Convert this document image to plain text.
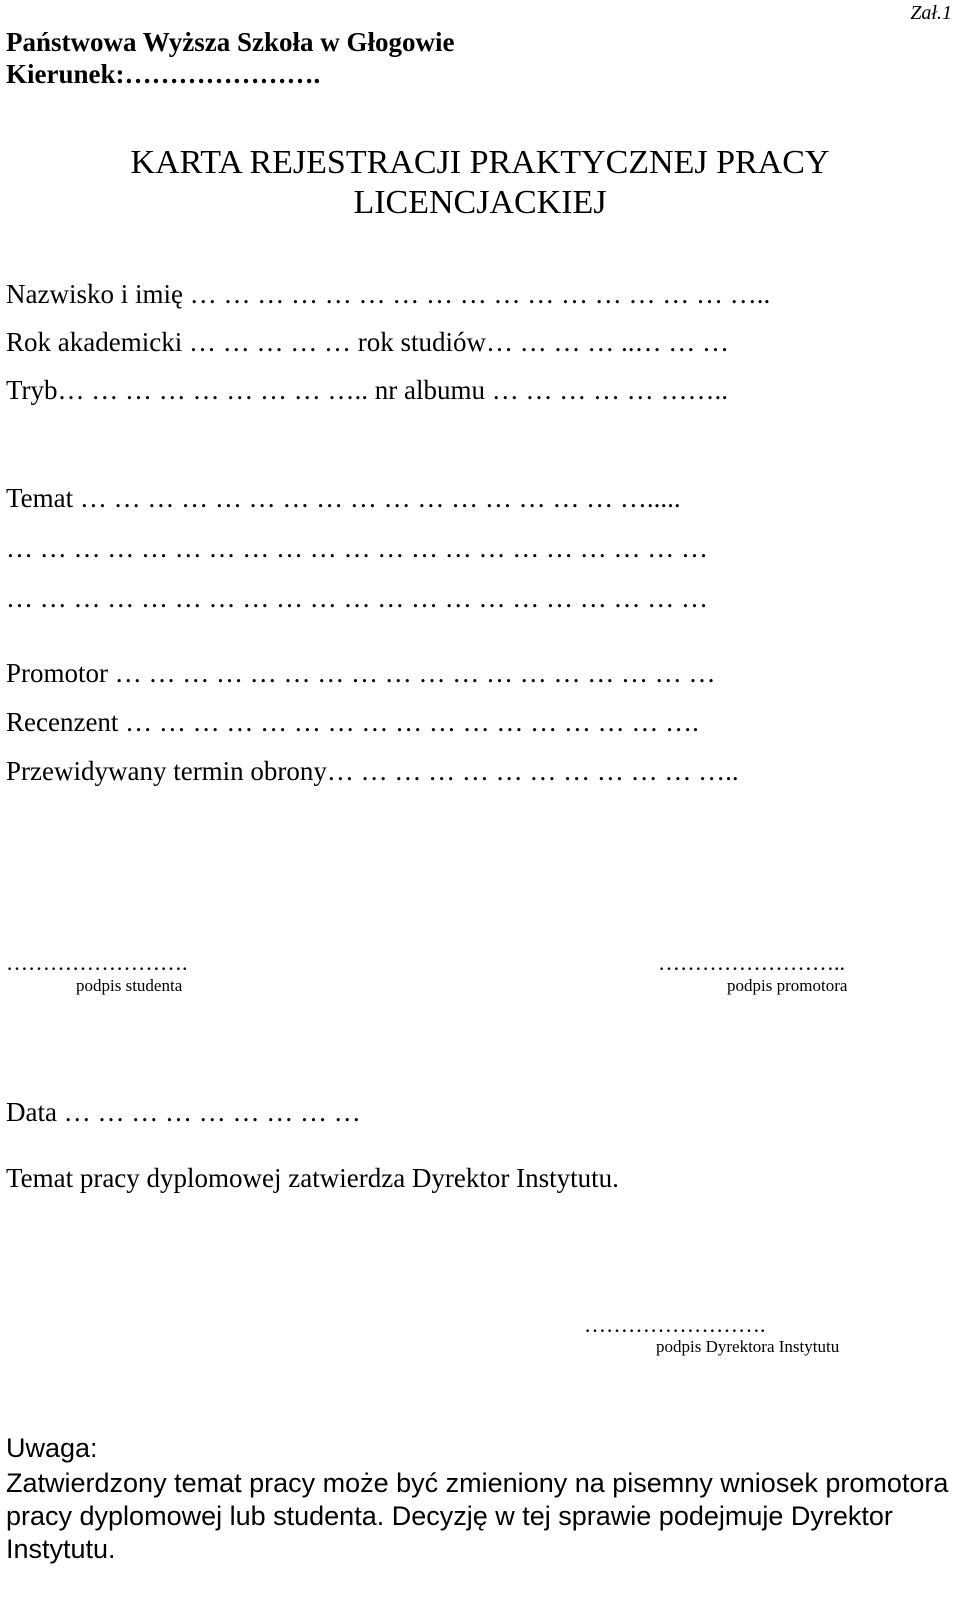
Zał.1
Państwowa Wyższa Szkoła w Głogowie
Kierunek:………………….
KARTA REJESTRACJI PRAKTYCZNEJ PRACY
LICENCJACKIEJ
Nazwisko i imię … … … … … … … … … … … … … … … … …..
Rok akademicki … … … … … rok studiów… … … … ..… … …
Tryb… … … … … … … … ….. nr albumu … … … … … ……..
Temat … … … … … … … … … … … … … … … … ….....
… … … … … … … … … … … … … … … … … … … … …
… … … … … … … … … … … … … … … … … … … … …
Promotor … … … … … … … … … … … … … … … … … …
Recenzent … … … … … … … … … … … … … … … … ….
Przewidywany termin obrony… … … … … … … … … … … …..
…………………….
podpis studenta
……………………..
podpis promotora
Data … … … … … … … … …
Temat pracy dyplomowej zatwierdza Dyrektor Instytutu.
…………………….
podpis Dyrektora Instytutu
Uwaga:
Zatwierdzony temat pracy może być zmieniony na pisemny wniosek promotora
pracy dyplomowej lub studenta. Decyzję w tej sprawie podejmuje Dyrektor
Instytutu.
